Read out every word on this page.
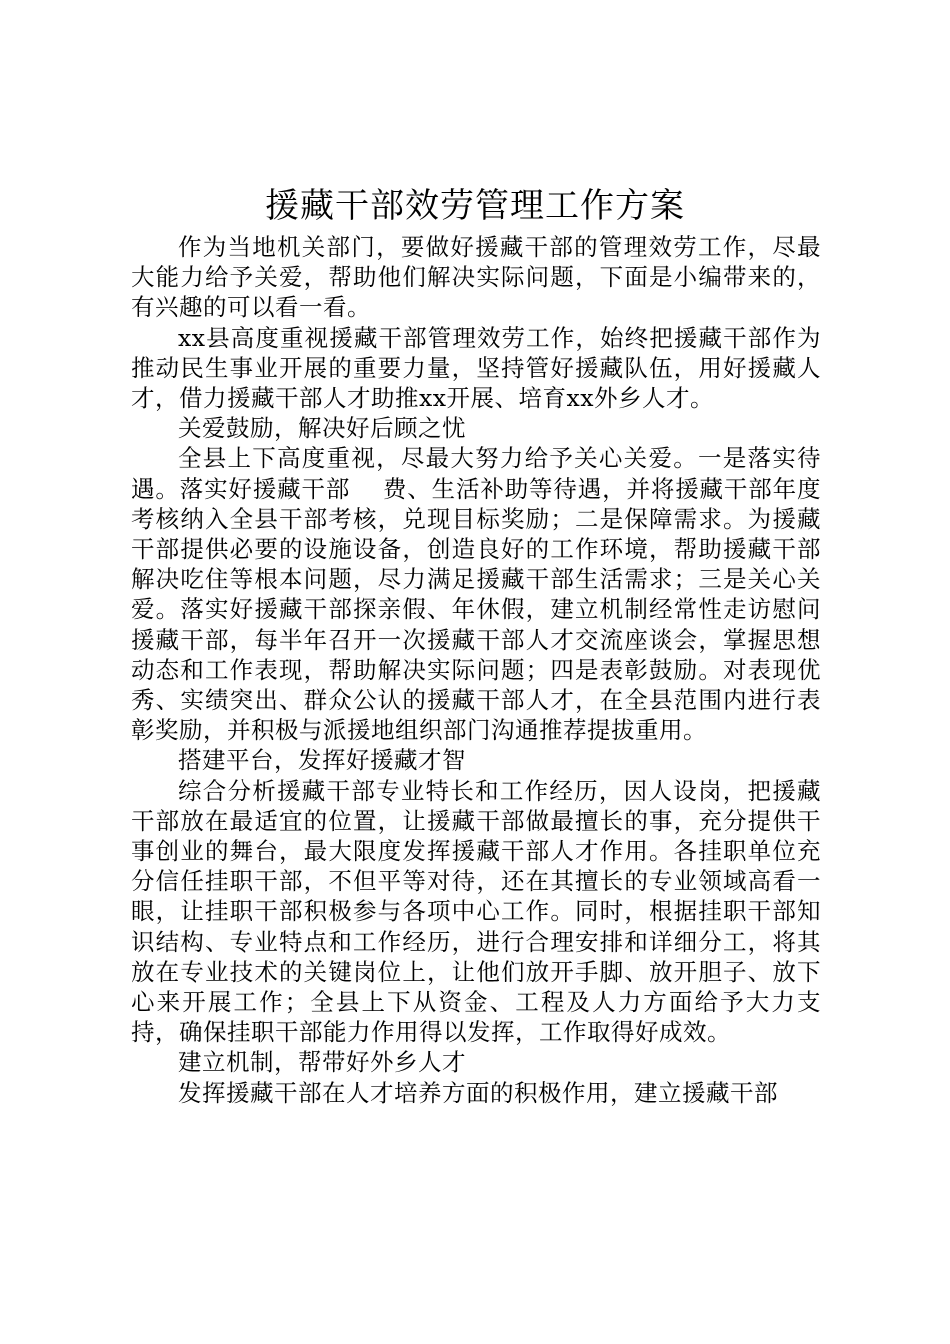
援藏干部效劳管理工作方案

作为当地机关部门，要做好援藏干部的管理效劳工作，尽最大能力给予关爱，帮助他们解决实际问题，下面是小编带来的，有兴趣的可以看一看。

xx县高度重视援藏干部管理效劳工作，始终把援藏干部作为推动民生事业开展的重要力量，坚持管好援藏队伍，用好援藏人才，借力援藏干部人才助推xx开展、培育xx外乡人才。

关爱鼓励，解决好后顾之忧

全县上下高度重视，尽最大努力给予关心关爱。一是落实待遇。落实好援藏干部　 费、生活补助等待遇，并将援藏干部年度考核纳入全县干部考核，兑现目标奖励；二是保障需求。为援藏干部提供必要的设施设备，创造良好的工作环境，帮助援藏干部解决吃住等根本问题，尽力满足援藏干部生活需求；三是关心关爱。落实好援藏干部探亲假、年休假，建立机制经常性走访慰问援藏干部，每半年召开一次援藏干部人才交流座谈会，掌握思想动态和工作表现，帮助解决实际问题；四是表彰鼓励。对表现优秀、实绩突出、群众公认的援藏干部人才，在全县范围内进行表彰奖励，并积极与派援地组织部门沟通推荐提拔重用。

搭建平台，发挥好援藏才智

综合分析援藏干部专业特长和工作经历，因人设岗，把援藏干部放在最适宜的位置，让援藏干部做最擅长的事，充分提供干事创业的舞台，最大限度发挥援藏干部人才作用。各挂职单位充分信任挂职干部，不但平等对待，还在其擅长的专业领域高看一眼，让挂职干部积极参与各项中心工作。同时，根据挂职干部知识结构、专业特点和工作经历，进行合理安排和详细分工，将其放在专业技术的关键岗位上，让他们放开手脚、放开胆子、放下心来开展工作；全县上下从资金、工程及人力方面给予大力支持，确保挂职干部能力作用得以发挥，工作取得好成效。

建立机制，帮带好外乡人才

发挥援藏干部在人才培养方面的积极作用，建立援藏干部
